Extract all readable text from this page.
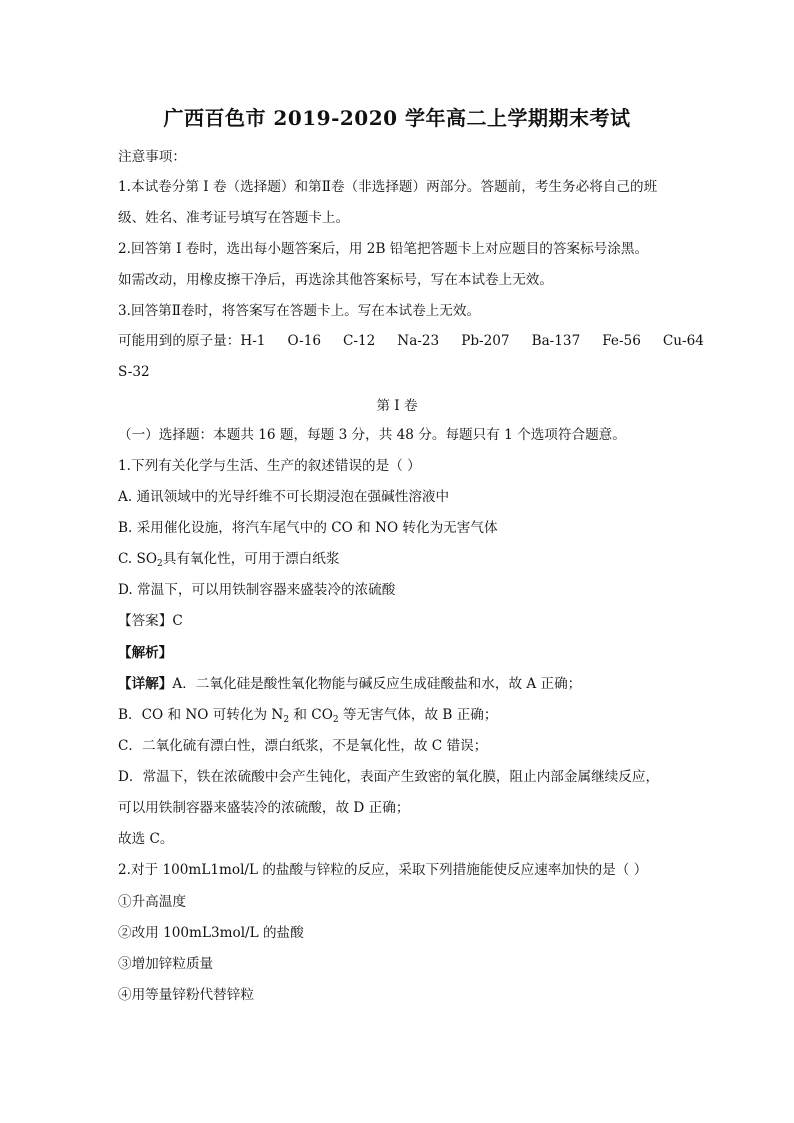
广西百色市 2019-2020 学年高二上学期期末考试
注意事项：
1.本试卷分第 I 卷（选择题）和第Ⅱ卷（非选择题）两部分。答题前，考生务必将自己的班
级、姓名、准考证号填写在答题卡上。
2.回答第 I 卷时，选出每小题答案后，用 2B 铅笔把答题卡上对应题目的答案标号涂黑。
如需改动，用橡皮擦干净后，再选涂其他答案标号，写在本试卷上无效。
3.回答第Ⅱ卷时，将答案写在答题卡上。写在本试卷上无效。
可能用到的原子量：H-1 O-16 C-12 Na-23 Pb-207 Ba-137 Fe-56 Cu-64
S-32
第 I 卷
（一）选择题：本题共 16 题，每题 3 分，共 48 分。每题只有 1 个选项符合题意。
1.下列有关化学与生活、生产的叙述错误的是（ ）
A. 通讯领域中的光导纤维不可长期浸泡在强碱性溶液中
B. 采用催化设施，将汽车尾气中的 CO 和 NO 转化为无害气体
C. $SO_2$具有氧化性，可用于漂白纸浆
D. 常温下，可以用铁制容器来盛装冷的浓硫酸
【答案】C
【解析】
【详解】A．二氧化硅是酸性氧化物能与碱反应生成硅酸盐和水，故 A 正确；
B．CO 和 NO 可转化为 $N_2$ 和 $CO_2$ 等无害气体，故 B 正确；
C．二氧化硫有漂白性，漂白纸浆，不是氧化性，故 C 错误；
D．常温下，铁在浓硫酸中会产生钝化，表面产生致密的氧化膜，阻止内部金属继续反应，
可以用铁制容器来盛装冷的浓硫酸，故 D 正确；
故选 C。
2.对于 100mL1mol/L 的盐酸与锌粒的反应，采取下列措施能使反应速率加快的是（ ）
①升高温度
②改用 100mL3mol/L 的盐酸
③增加锌粒质量
④用等量锌粉代替锌粒
